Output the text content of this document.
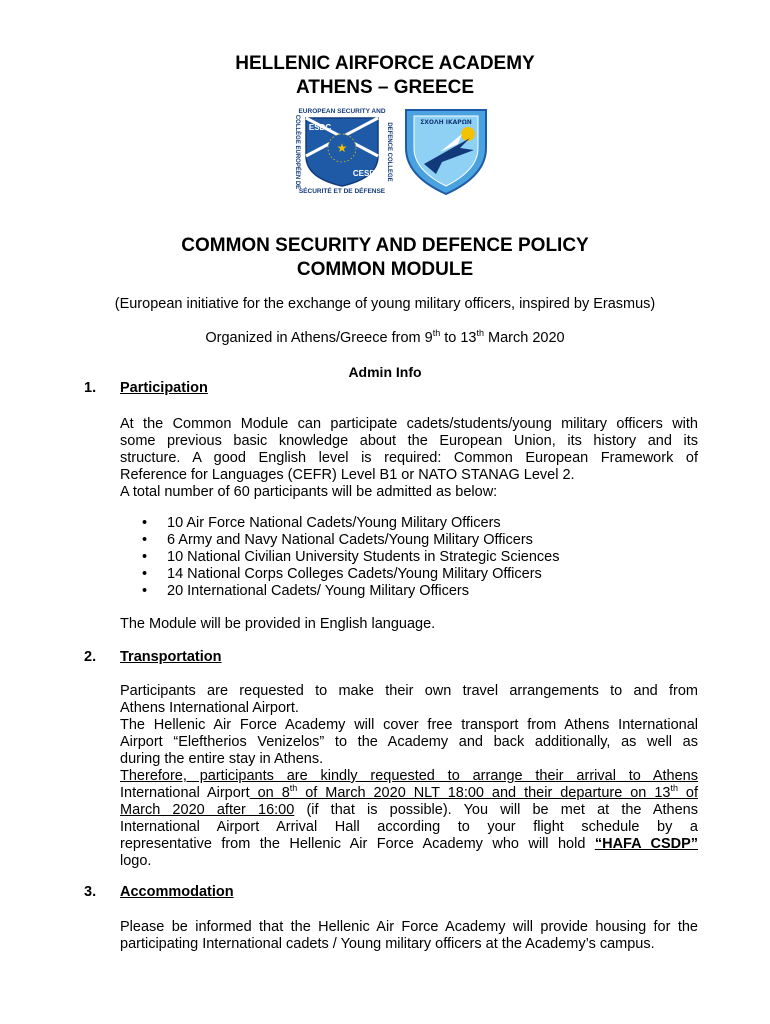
HELLENIC AIRFORCE ACADEMY
ATHENS – GREECE
EUROPEAN SECURITY AND
SÉCURITÉ ET DE DÉFENSE
COLLÈGE EUROPÉEN DE	DEFENCE COLLEGE
★
ESDC
CESD
ΣΧΟΛΗ ΙΚΑΡΩΝ
COMMON SECURITY AND DEFENCE POLICY
COMMON MODULE
(European initiative for the exchange of young military officers, inspired by Erasmus)
Organized in Athens/Greece from 9th to 13th March 2020
Admin Info
1. Participation
At the Common Module can participate cadets/students/young military officers with
some previous basic knowledge about the European Union, its history and its
structure. A good English level is required: Common European Framework of
Reference for Languages (CEFR) Level B1 or NATO STANAG Level 2.
A total number of 60 participants will be admitted as below:
• 10 Air Force National Cadets/Young Military Officers
• 6 Army and Navy National Cadets/Young Military Officers
• 10 National Civilian University Students in Strategic Sciences
• 14 National Corps Colleges Cadets/Young Military Officers
• 20 International Cadets/ Young Military Officers
The Module will be provided in English language.
2. Transportation
Participants are requested to make their own travel arrangements to and from
Athens International Airport.
The Hellenic Air Force Academy will cover free transport from Athens International
Airport “Eleftherios Venizelos” to the Academy and back additionally, as well as
during the entire stay in Athens.
Therefore, participants are kindly requested to arrange their arrival to Athens
International Airport on 8th of March 2020 NLT 18:00 and their departure on 13th of
March 2020 after 16:00 (if that is possible). You will be met at the Athens
International Airport Arrival Hall according to your flight schedule by a
representative from the Hellenic Air Force Academy who will hold “HAFA CSDP”
logo.
3. Accommodation
Please be informed that the Hellenic Air Force Academy will provide housing for the
participating International cadets / Young military officers at the Academy’s campus.
